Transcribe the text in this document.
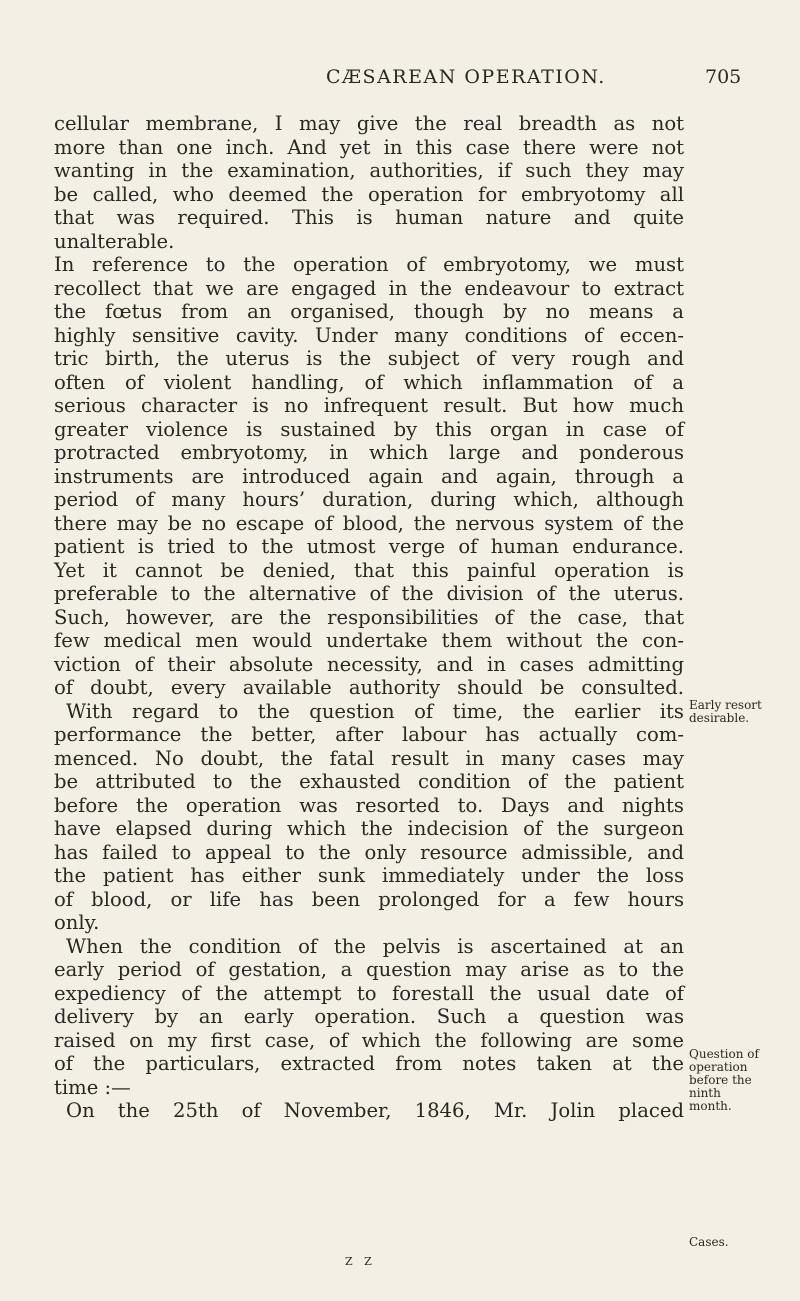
CÆSAREAN OPERATION.	705
cellular membrane, I may give the real breadth as not
more than one inch. And yet in this case there were not
wanting in the examination, authorities, if such they may
be called, who deemed the operation for embryotomy all
that was required. This is human nature and quite
unalterable.
In reference to the operation of embryotomy, we must
recollect that we are engaged in the endeavour to extract
the fœtus from an organised, though by no means a
highly sensitive cavity. Under many conditions of eccen-
tric birth, the uterus is the subject of very rough and
often of violent handling, of which inflammation of a
serious character is no infrequent result. But how much
greater violence is sustained by this organ in case of
protracted embryotomy, in which large and ponderous
instruments are introduced again and again, through a
period of many hours’ duration, during which, although
there may be no escape of blood, the nervous system of the
patient is tried to the utmost verge of human endurance.
Yet it cannot be denied, that this painful operation is
preferable to the alternative of the division of the uterus.
Such, however, are the responsibilities of the case, that
few medical men would undertake them without the con-
viction of their absolute necessity, and in cases admitting
of doubt, every available authority should be consulted.
With regard to the question of time, the earlier its
performance the better, after labour has actually com-
menced. No doubt, the fatal result in many cases may
be attributed to the exhausted condition of the patient
before the operation was resorted to. Days and nights
have elapsed during which the indecision of the surgeon
has failed to appeal to the only resource admissible, and
the patient has either sunk immediately under the loss
of blood, or life has been prolonged for a few hours
only.
When the condition of the pelvis is ascertained at an
early period of gestation, a question may arise as to the
expediency of the attempt to forestall the usual date of
delivery by an early operation. Such a question was
raised on my first case, of which the following are some
of the particulars, extracted from notes taken at the
time :—
On the 25th of November, 1846, Mr. Jolin placed
Early resort
desirable.
Question of
operation
before the
ninth
month.
Cases.
Z Z
